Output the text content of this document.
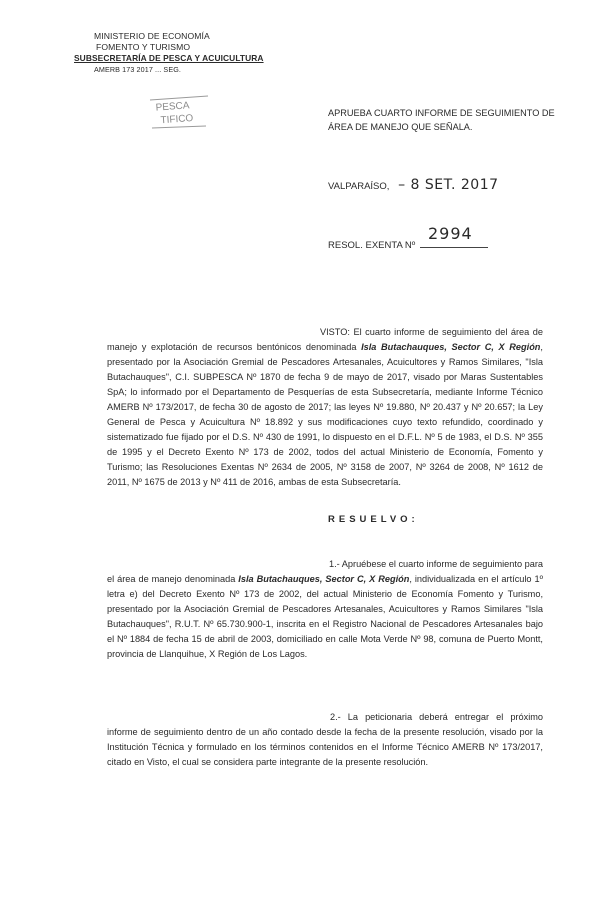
MINISTERIO DE ECONOMÍA
FOMENTO Y TURISMO
SUBSECRETARÍA DE PESCA Y ACUICULTURA
AMERB 173 2017 ... SEG.
PESCA
TIFICO
APRUEBA CUARTO INFORME DE SEGUIMIENTO DE ÁREA DE MANEJO QUE SEÑALA.
VALPARAÍSO, – 8 SET. 2017
RESOL. EXENTA Nº
2994

VISTO: El cuarto informe de seguimiento del área de manejo y explotación de recursos bentónicos denominada Isla Butachauques, Sector C, X Región, presentado por la Asociación Gremial de Pescadores Artesanales, Acuicultores y Ramos Similares, "Isla Butachauques", C.I. SUBPESCA Nº 1870 de fecha 9 de mayo de 2017, visado por Maras Sustentables SpA; lo informado por el Departamento de Pesquerías de esta Subsecretaría, mediante Informe Técnico AMERB Nº 173/2017, de fecha 30 de agosto de 2017; las leyes Nº 19.880, Nº 20.437 y Nº 20.657; la Ley General de Pesca y Acuicultura Nº 18.892 y sus modificaciones cuyo texto refundido, coordinado y sistematizado fue fijado por el D.S. Nº 430 de 1991, lo dispuesto en el D.F.L. Nº 5 de 1983, el D.S. Nº 355 de 1995 y el Decreto Exento Nº 173 de 2002, todos del actual Ministerio de Economía, Fomento y Turismo; las Resoluciones Exentas Nº 2634 de 2005, Nº 3158 de 2007, Nº 3264 de 2008, Nº 1612 de 2011, Nº 1675 de 2013 y Nº 411 de 2016, ambas de esta Subsecretaría.

RESUELVO:

1.- Apruébese el cuarto informe de seguimiento para el área de manejo denominada Isla Butachauques, Sector C, X Región, individualizada en el artículo 1º letra e) del Decreto Exento Nº 173 de 2002, del actual Ministerio de Economía Fomento y Turismo, presentado por la Asociación Gremial de Pescadores Artesanales, Acuicultores y Ramos Similares "Isla Butachauques", R.U.T. Nº 65.730.900-1, inscrita en el Registro Nacional de Pescadores Artesanales bajo el Nº 1884 de fecha 15 de abril de 2003, domiciliado en calle Mota Verde Nº 98, comuna de Puerto Montt, provincia de Llanquihue, X Región de Los Lagos.

2.- La peticionaria deberá entregar el próximo informe de seguimiento dentro de un año contado desde la fecha de la presente resolución, visado por la Institución Técnica y formulado en los términos contenidos en el Informe Técnico AMERB Nº 173/2017, citado en Visto, el cual se considera parte integrante de la presente resolución.
